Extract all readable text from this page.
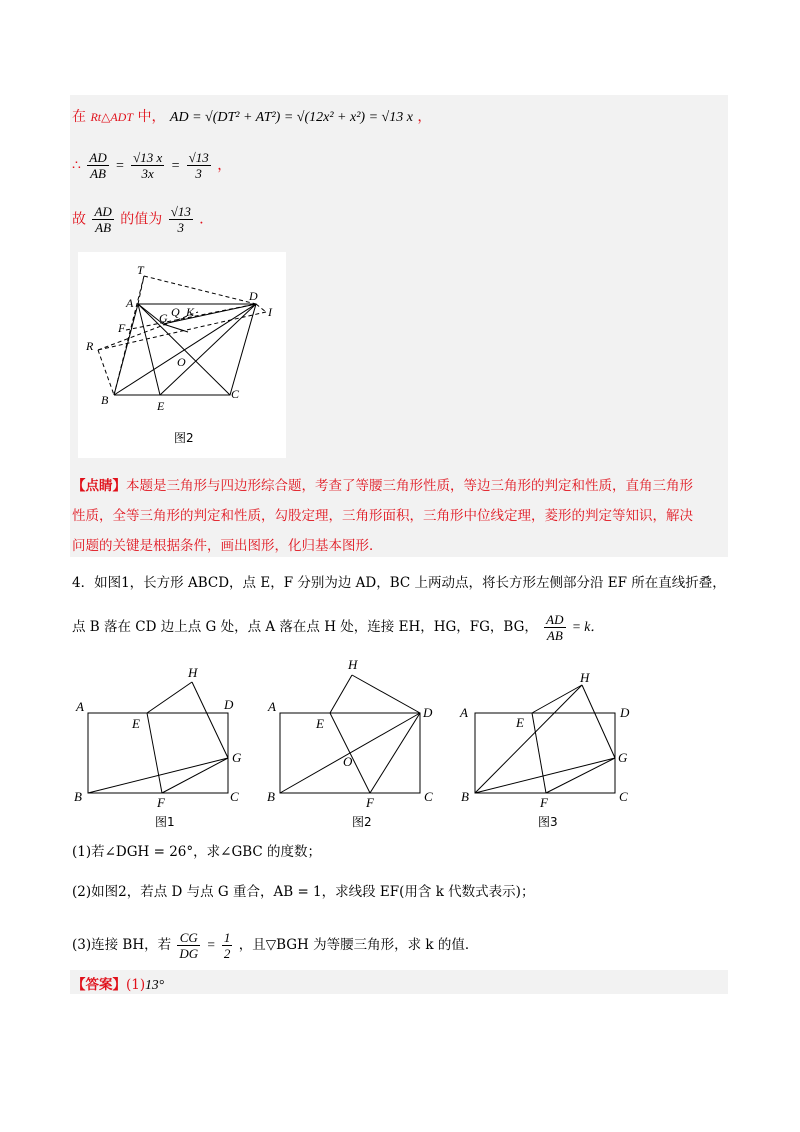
在 Rt△ADT 中， AD = √(DT² + AT²) = √(12x² + x²) = √13 x ，
∴ $\frac{AD}{AB} = \frac{√13 x}{3x} = \frac{√13}{3}$ ，
故 $\frac{AD}{AB}$ 的值为 $\frac{√13}{3}$ ．
T
A	D
I
F
G Q K
R
O
B	E
C
图2
【点睛】本题是三角形与四边形综合题，考查了等腰三角形性质，等边三角形的判定和性质，直角三角形
性质，全等三角形的判定和性质，勾股定理，三角形面积，三角形中位线定理，菱形的判定等知识，解决
问题的关键是根据条件，画出图形，化归基本图形．
4．如图1，长方形 ABCD，点 E，F 分别为边 AD，BC 上两动点，将长方形左侧部分沿 EF 所在直线折叠，
点 B 落在 CD 边上点 G 处，点 A 落在点 H 处，连接 EH，HG，FG，BG， $\frac{AD}{AB} = k$．
A	D
H
E
G
B	F	C
图1
A	D
H
E
O
B	F	C
图2
A	D
H
E
G
B	F	C
图3
(1)若∠DGH = 26°，求∠GBC 的度数；
(2)如图2，若点 D 与点 G 重合，AB = 1，求线段 EF(用含 k 代数式表示)；
(3)连接 BH，若 $\frac{CG}{DG} = \frac{1}{2}$ ，且▽BGH 为等腰三角形，求 k 的值．
【答案】(1)13°
